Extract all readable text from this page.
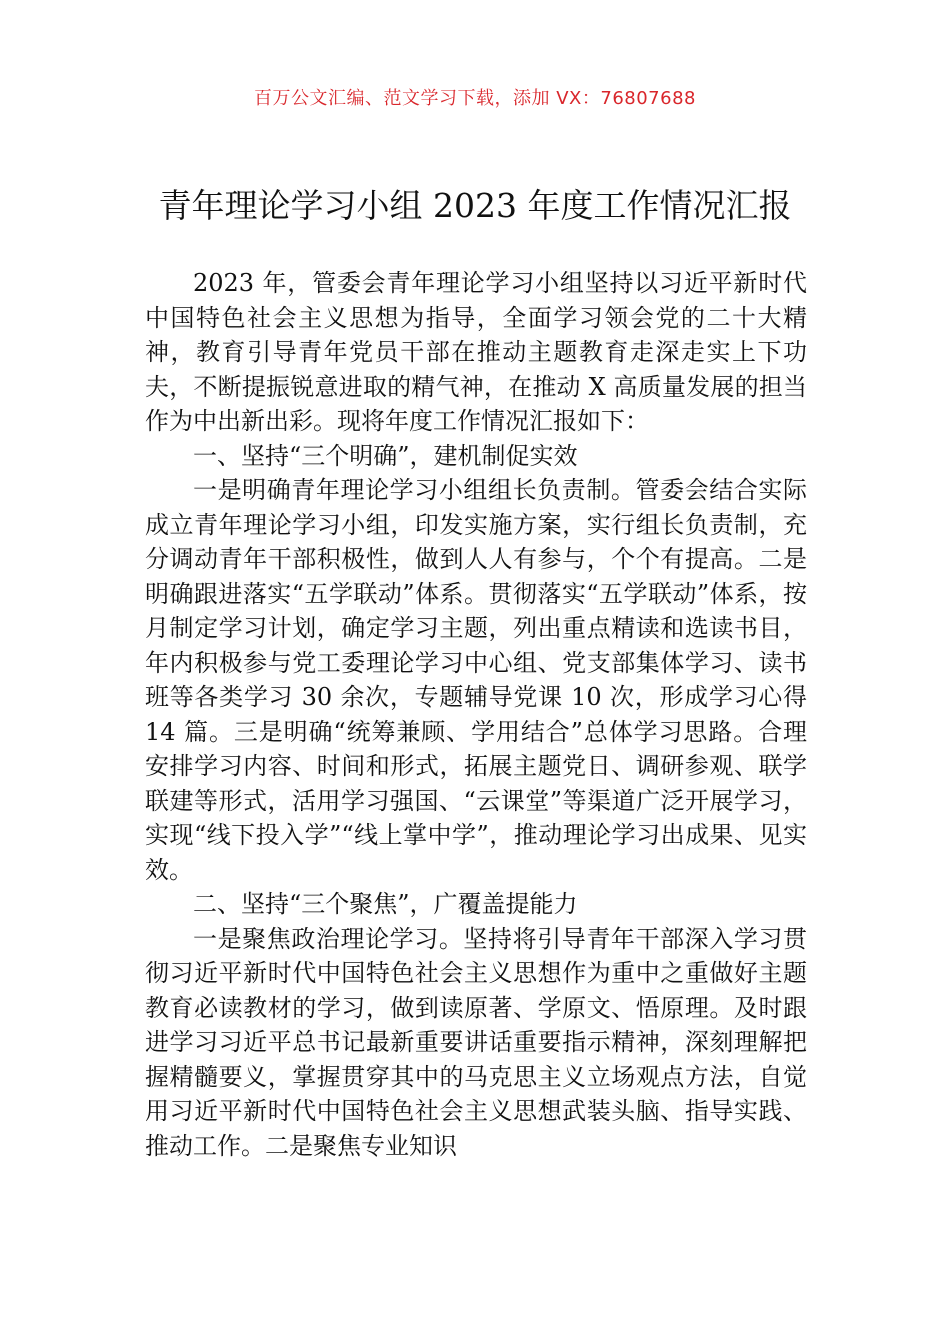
百万公文汇编、范文学习下载，添加 VX：76807688
青年理论学习小组 2023 年度工作情况汇报

2023 年，管委会青年理论学习小组坚持以习近平新时代中国特色社会主义思想为指导，全面学习领会党的二十大精神，教育引导青年党员干部在推动主题教育走深走实上下功夫，不断提振锐意进取的精气神，在推动 X 高质量发展的担当作为中出新出彩。现将年度工作情况汇报如下：

一、坚持“三个明确”，建机制促实效

一是明确青年理论学习小组组长负责制。管委会结合实际成立青年理论学习小组，印发实施方案，实行组长负责制，充分调动青年干部积极性，做到人人有参与，个个有提高。二是明确跟进落实“五学联动”体系。贯彻落实“五学联动”体系，按月制定学习计划，确定学习主题，列出重点精读和选读书目，年内积极参与党工委理论学习中心组、党支部集体学习、读书班等各类学习 30 余次，专题辅导党课 10 次，形成学习心得 14 篇。三是明确“统筹兼顾、学用结合”总体学习思路。合理安排学习内容、时间和形式，拓展主题党日、调研参观、联学联建等形式，活用学习强国、“云课堂”等渠道广泛开展学习，实现“线下投入学”“线上掌中学”，推动理论学习出成果、见实效。

二、坚持“三个聚焦”，广覆盖提能力

一是聚焦政治理论学习。坚持将引导青年干部深入学习贯彻习近平新时代中国特色社会主义思想作为重中之重做好主题教育必读教材的学习，做到读原著、学原文、悟原理。及时跟进学习习近平总书记最新重要讲话重要指示精神，深刻理解把握精髓要义，掌握贯穿其中的马克思主义立场观点方法，自觉用习近平新时代中国特色社会主义思想武装头脑、指导实践、推动工作。二是聚焦专业知识
